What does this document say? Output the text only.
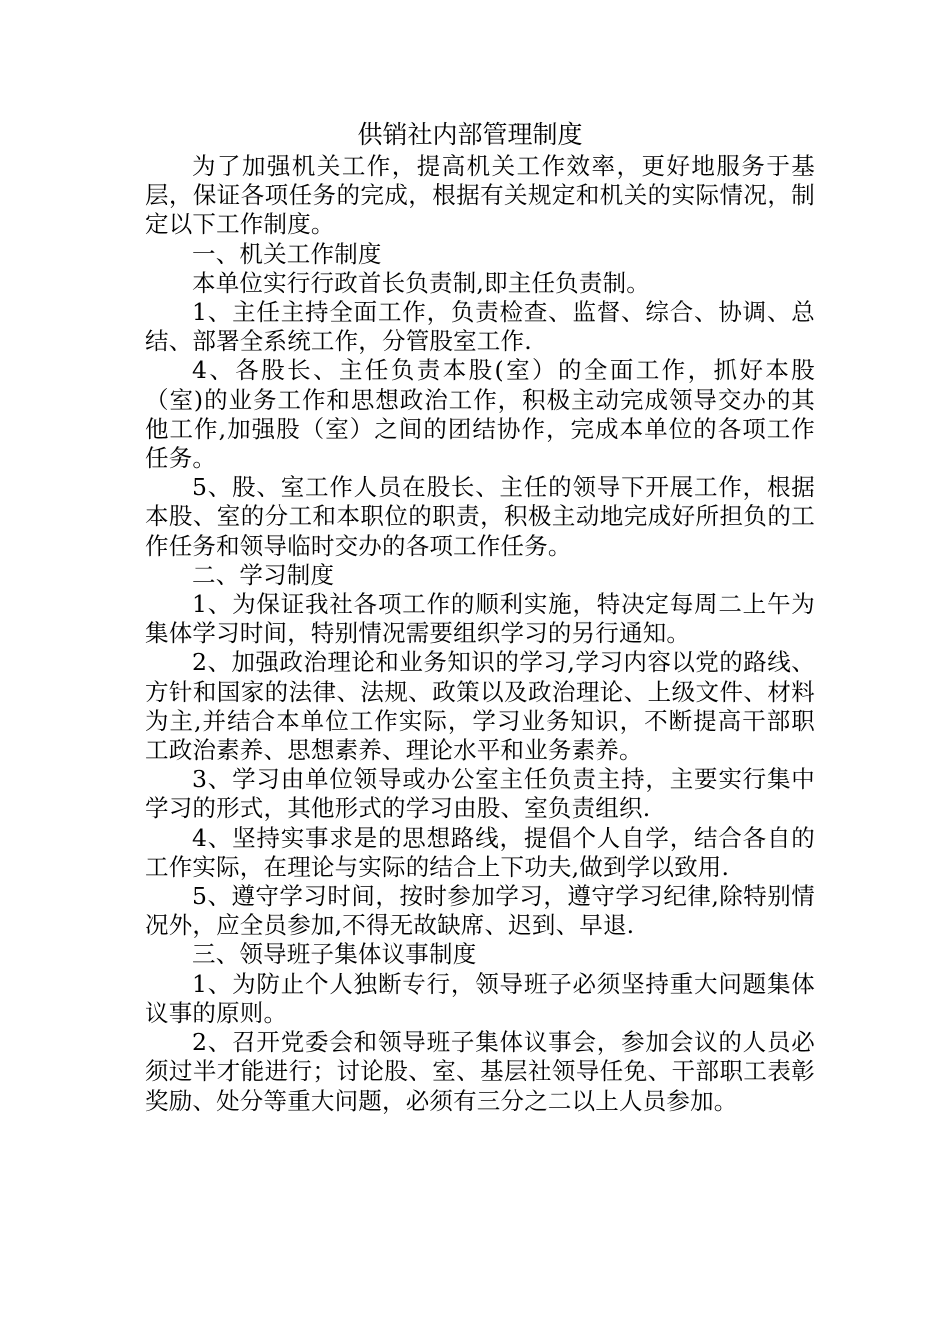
供销社内部管理制度

为了加强机关工作，提高机关工作效率，更好地服务于基层，保证各项任务的完成，根据有关规定和机关的实际情况，制定以下工作制度。

一、机关工作制度

本单位实行行政首长负责制,即主任负责制。

1、主任主持全面工作，负责检查、监督、综合、协调、总结、部署全系统工作，分管股室工作.

4、各股长、主任负责本股(室）的全面工作，抓好本股（室)的业务工作和思想政治工作，积极主动完成领导交办的其他工作,加强股（室）之间的团结协作，完成本单位的各项工作任务。

5、股、室工作人员在股长、主任的领导下开展工作，根据本股、室的分工和本职位的职责，积极主动地完成好所担负的工作任务和领导临时交办的各项工作任务。

二、学习制度

1、为保证我社各项工作的顺利实施，特决定每周二上午为集体学习时间，特别情况需要组织学习的另行通知。

2、加强政治理论和业务知识的学习,学习内容以党的路线、方针和国家的法律、法规、政策以及政治理论、上级文件、材料为主,并结合本单位工作实际，学习业务知识，不断提高干部职工政治素养、思想素养、理论水平和业务素养。

3、学习由单位领导或办公室主任负责主持，主要实行集中学习的形式，其他形式的学习由股、室负责组织.

4、坚持实事求是的思想路线，提倡个人自学，结合各自的工作实际，在理论与实际的结合上下功夫,做到学以致用.

5、遵守学习时间，按时参加学习，遵守学习纪律,除特别情况外，应全员参加,不得无故缺席、迟到、早退.

三、领导班子集体议事制度

1、为防止个人独断专行，领导班子必须坚持重大问题集体议事的原则。

2、召开党委会和领导班子集体议事会，参加会议的人员必须过半才能进行；讨论股、室、基层社领导任免、干部职工表彰奖励、处分等重大问题，必须有三分之二以上人员参加。
